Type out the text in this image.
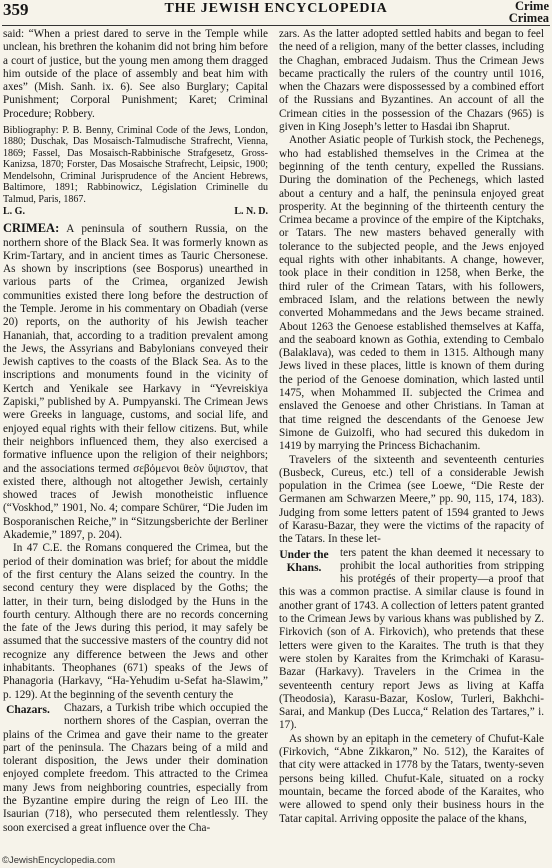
359	THE JEWISH ENCYCLOPEDIA	Crime
Crimea

said: “When a priest dared to serve in the Temple while unclean, his brethren the kohanim did not bring him before a court of justice, but the young men among them dragged him outside of the place of assembly and beat him with axes” (Mish. Sanh. ix. 6). See also Burglary; Capital Punishment; Corporal Punishment; Karet; Criminal Procedure; Robbery.

Bibliography: P. B. Benny, Criminal Code of the Jews, London, 1880; Duschak, Das Mosaisch-Talmudische Strafrecht, Vienna, 1869; Fassel, Das Mosaisch-Rabbinische Strafgesetz, Gross-Kanizsa, 1870; Forster, Das Mosaische Strafrecht, Leipsic, 1900; Mendelsohn, Criminal Jurisprudence of the Ancient Hebrews, Baltimore, 1891; Rabbinowicz, Législation Criminelle du Talmud, Paris, 1867.

L. G.	L. N. D.

CRIMEA: A peninsula of southern Russia, on the northern shore of the Black Sea. It was formerly known as Krim-Tartary, and in ancient times as Tauric Chersonese. As shown by inscriptions (see Bosporus) unearthed in various parts of the Crimea, organized Jewish communities existed there long before the destruction of the Temple. Jerome in his commentary on Obadiah (verse 20) reports, on the authority of his Jewish teacher Hananiah, that, according to a tradition prevalent among the Jews, the Assyrians and Babylonians conveyed their Jewish captives to the coasts of the Black Sea. As to the inscriptions and monuments found in the vicinity of Kertch and Yenikale see Harkavy in “Yevreiskiya Zapiski,” published by A. Pumpyanski. The Crimean Jews were Greeks in language, customs, and social life, and enjoyed equal rights with their fellow citizens. But, while their neighbors influenced them, they also exercised a formative influence upon the religion of their neighbors; and the associations termed σεβόμενοι θεὸν ὕψιστον, that existed there, although not altogether Jewish, certainly showed traces of Jewish monotheistic influence (“Voskhod,” 1901, No. 4; compare Schürer, “Die Juden im Bosporanischen Reiche,” in “Sitzungsberichte der Berliner Akademie,” 1897, p. 204).

In 47 C.E. the Romans conquered the Crimea, but the period of their domination was brief; for about the middle of the first century the Alans seized the country. In the second century they were displaced by the Goths; the latter, in their turn, being dislodged by the Huns in the fourth century. Although there are no records concerning the fate of the Jews during this period, it may safely be assumed that the successive masters of the country did not recognize any difference between the Jews and other inhabitants. Theophanes (671) speaks of the Jews of Phanagoria (Harkavy, “Ha-Yehudim u-Sefat ha-Slawim,” p. 129). At the beginning of the seventh century the

Chazars.	Chazars, a Turkish tribe which occupied the northern shores of the Caspian, overran the plains of the Crimea and gave their name to the greater part of the peninsula. The Chazars being of a mild and tolerant disposition, the Jews under their domination enjoyed complete freedom. This attracted to the Crimea many Jews from neighboring countries, especially from the Byzantine empire during the reign of Leo III. the Isaurian (718), who persecuted them relentlessly. They soon exercised a great influence over the Cha-

zars. As the latter adopted settled habits and began to feel the need of a religion, many of the better classes, including the Chaghan, embraced Judaism. Thus the Crimean Jews became practically the rulers of the country until 1016, when the Chazars were dispossessed by a combined effort of the Russians and Byzantines. An account of all the Crimean cities in the possession of the Chazars (965) is given in King Joseph’s letter to Hasdai ibn Shaprut.

Another Asiatic people of Turkish stock, the Pechenegs, who had established themselves in the Crimea at the beginning of the tenth century, expelled the Russians. During the domination of the Pechenegs, which lasted about a century and a half, the peninsula enjoyed great prosperity. At the beginning of the thirteenth century the Crimea became a province of the empire of the Kiptchaks, or Tatars. The new masters behaved generally with tolerance to the subjected people, and the Jews enjoyed equal rights with other inhabitants. A change, however, took place in their condition in 1258, when Berke, the third ruler of the Crimean Tatars, with his followers, embraced Islam, and the relations between the newly converted Mohammedans and the Jews became strained. About 1263 the Genoese established themselves at Kaffa, and the seaboard known as Gothia, extending to Cembalo (Balaklava), was ceded to them in 1315. Although many Jews lived in these places, little is known of them during the period of the Genoese domination, which lasted until 1475, when Mohammed II. subjected the Crimea and enslaved the Genoese and other Christians. In Taman at that time reigned the descendants of the Genoese Jew Simone de Guizolfi, who had secured this dukedom in 1419 by marrying the Princess Bichachanim.

Travelers of the sixteenth and seventeenth centuries (Busbeck, Cureus, etc.) tell of a considerable Jewish population in the Crimea (see Loewe, “Die Reste der Germanen am Schwarzen Meere,” pp. 90, 115, 174, 183). Judging from some letters patent of 1594 granted to Jews of Karasu-Bazar, they were the victims of the rapacity of the Tatars. In these let-

Under the Khans.

ters patent the khan deemed it necessary to prohibit the local authorities from stripping his protégés of their property—a proof that this was a common practise. A similar clause is found in another grant of 1743. A collection of letters patent granted to the Crimean Jews by various khans was published by Z. Firkovich (son of A. Firkovich), who pretends that these letters were given to the Karaites. The truth is that they were stolen by Karaites from the Krimchaki of Karasu-Bazar (Harkavy). Travelers in the Crimea in the seventeenth century report Jews as living at Kaffa (Theodosia), Karasu-Bazar, Koslow, Turleri, Bakhchi-Sarai, and Mankup (Des Lucca,“ Relation des Tartares,” i. 17).

As shown by an epitaph in the cemetery of Chufut-Kale (Firkovich, “Abne Zikkaron,” No. 512), the Karaites of that city were attacked in 1778 by the Tatars, twenty-seven persons being killed. Chufut-Kale, situated on a rocky mountain, became the forced abode of the Karaites, who were allowed to spend only their business hours in the Tatar capital. Arriving opposite the palace of the khans,

©JewishEncyclopedia.com
